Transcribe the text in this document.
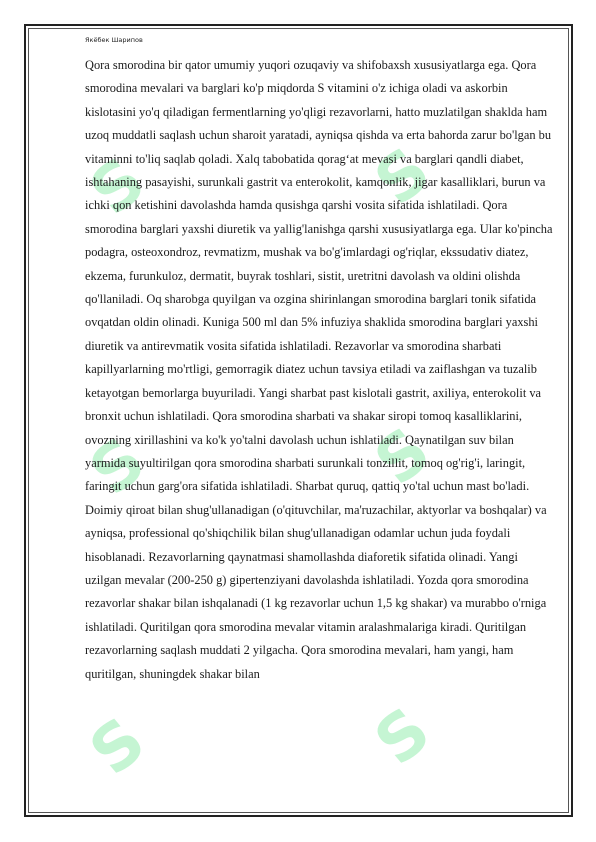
S	S
S	S
S	S
Якёбек Шарипов

Qora smorodina bir qator umumiy yuqori ozuqaviy va shifobaxsh xususiyatlarga ega. Qora smorodina mevalari va barglari ko'p miqdorda S vitamini o'z ichiga oladi va askorbin kislotasini yo'q qiladigan fermentlarning yo'qligi rezavorlarni, hatto muzlatilgan shaklda ham uzoq muddatli saqlash uchun sharoit yaratadi, ayniqsa qishda va erta bahorda zarur bo'lgan bu vitaminni to'liq saqlab qoladi. Xalq tabobatida qorag‘at mevasi va barglari qandli diabet, ishtahaning pasayishi, surunkali gastrit va enterokolit, kamqonlik, jigar kasalliklari, burun va ichki qon ketishini davolashda hamda qusishga qarshi vosita sifatida ishlatiladi. Qora smorodina barglari yaxshi diuretik va yallig'lanishga qarshi xususiyatlarga ega. Ular ko'pincha podagra, osteoxondroz, revmatizm, mushak va bo'g'imlardagi og'riqlar, ekssudativ diatez, ekzema, furunkuloz, dermatit, buyrak toshlari, sistit, uretritni davolash va oldini olishda qo'llaniladi. Oq sharobga quyilgan va ozgina shirinlangan smorodina barglari tonik sifatida ovqatdan oldin olinadi. Kuniga 500 ml dan 5% infuziya shaklida smorodina barglari yaxshi diuretik va antirevmatik vosita sifatida ishlatiladi. Rezavorlar va smorodina sharbati kapillyarlarning mo'rtligi, gemorragik diatez uchun tavsiya etiladi va zaiflashgan va tuzalib ketayotgan bemorlarga buyuriladi. Yangi sharbat past kislotali gastrit, axiliya, enterokolit va bronxit uchun ishlatiladi. Qora smorodina sharbati va shakar siropi tomoq kasalliklarini, ovozning xirillashini va ko'k yo'talni davolash uchun ishlatiladi. Qaynatilgan suv bilan yarmida suyultirilgan qora smorodina sharbati surunkali tonzillit, tomoq og'rig'i, laringit, faringit uchun garg'ora sifatida ishlatiladi. Sharbat quruq, qattiq yo'tal uchun mast bo'ladi. Doimiy qiroat bilan shug'ullanadigan (o'qituvchilar, ma'ruzachilar, aktyorlar va boshqalar) va ayniqsa, professional qo'shiqchilik bilan shug'ullanadigan odamlar uchun juda foydali hisoblanadi. Rezavorlarning qaynatmasi shamollashda diaforetik sifatida olinadi. Yangi uzilgan mevalar (200-250 g) gipertenziyani davolashda ishlatiladi. Yozda qora smorodina rezavorlar shakar bilan ishqalanadi (1 kg rezavorlar uchun 1,5 kg shakar) va murabbo o'rniga ishlatiladi. Quritilgan qora smorodina mevalar vitamin aralashmalariga kiradi. Quritilgan rezavorlarning saqlash muddati 2 yilgacha. Qora smorodina mevalari, ham yangi, ham quritilgan, shuningdek shakar bilan
